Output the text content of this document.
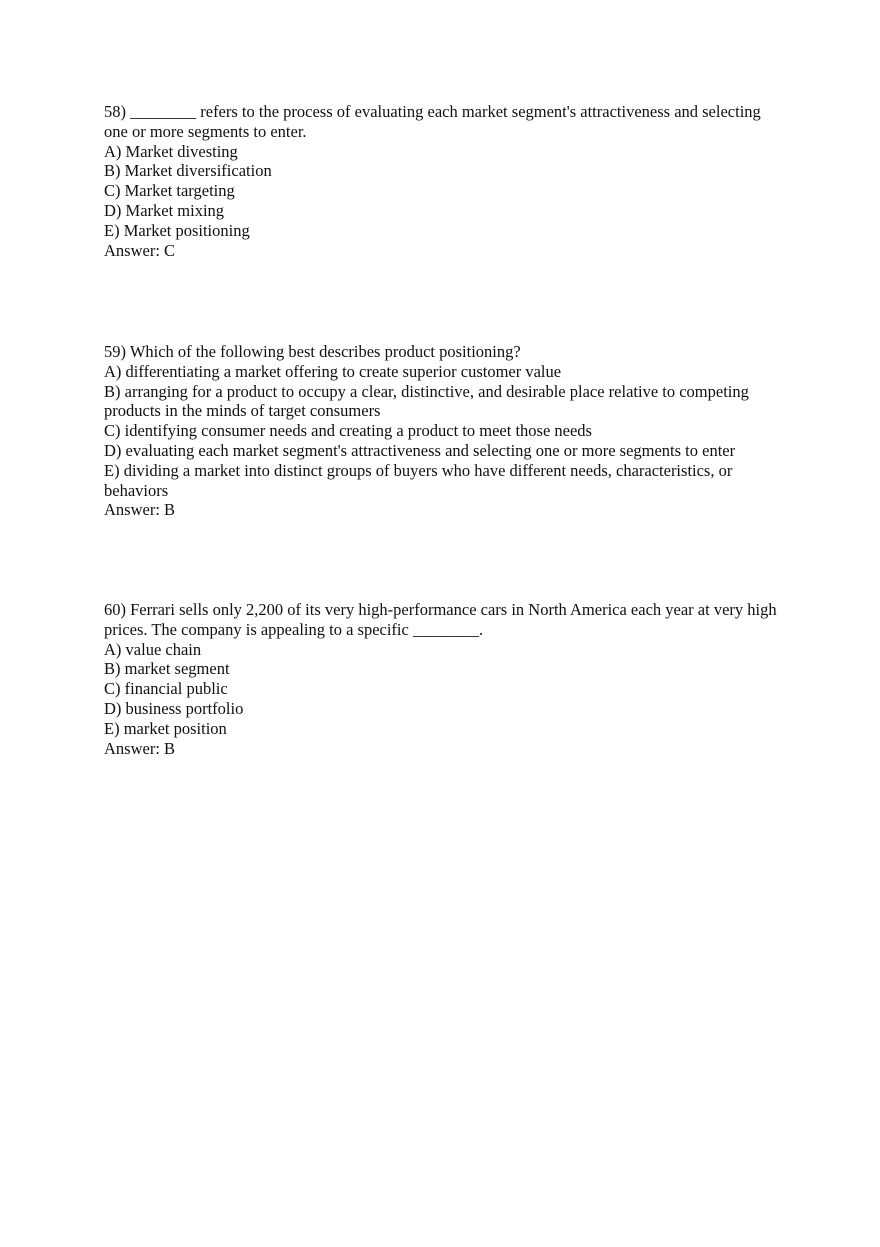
58) ________ refers to the process of evaluating each market segment's attractiveness and selecting one or more segments to enter.
A) Market divesting
B) Market diversification
C) Market targeting
D) Market mixing
E) Market positioning
Answer: C
59) Which of the following best describes product positioning?
A) differentiating a market offering to create superior customer value
B) arranging for a product to occupy a clear, distinctive, and desirable place relative to competing products in the minds of target consumers
C) identifying consumer needs and creating a product to meet those needs
D) evaluating each market segment's attractiveness and selecting one or more segments to enter
E) dividing a market into distinct groups of buyers who have different needs, characteristics, or behaviors
Answer: B
60) Ferrari sells only 2,200 of its very high-performance cars in North America each year at very high prices. The company is appealing to a specific ________.
A) value chain
B) market segment
C) financial public
D) business portfolio
E) market position
Answer: B
